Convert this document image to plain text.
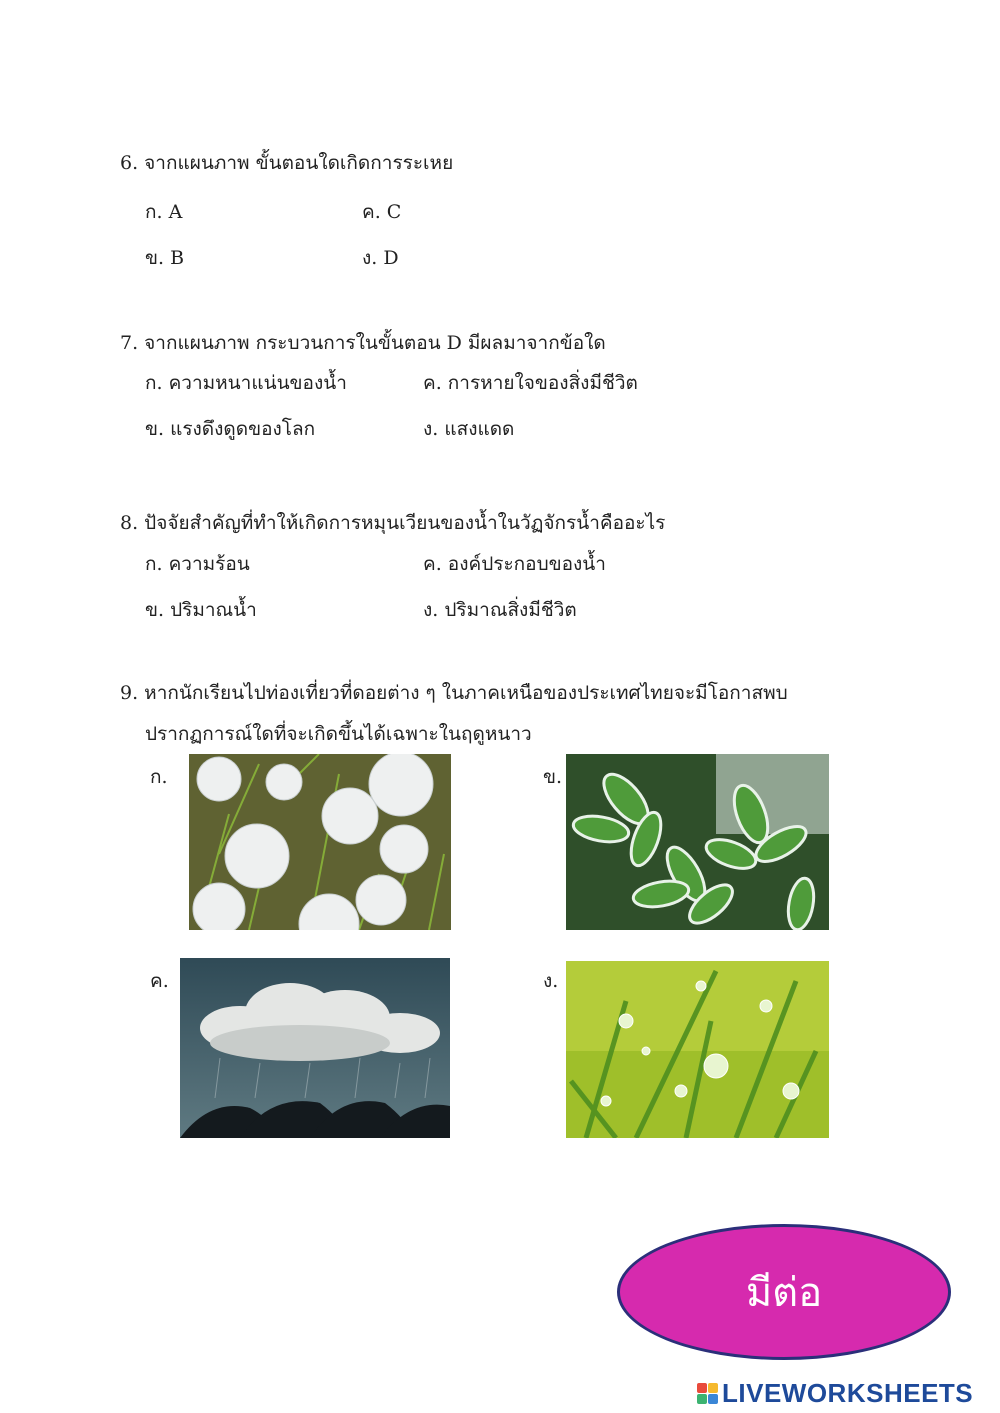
6. จากแผนภาพ ขั้นตอนใดเกิดการระเหย
ก. A	ค. C
ข. B	ง. D
7. จากแผนภาพ กระบวนการในขั้นตอน D มีผลมาจากข้อใด
ก. ความหนาแน่นของน้ำ	ค. การหายใจของสิ่งมีชีวิต
ข. แรงดึงดูดของโลก	ง. แสงแดด
8. ปัจจัยสำคัญที่ทำให้เกิดการหมุนเวียนของน้ำในวัฏจักรน้ำคืออะไร
ก. ความร้อน	ค. องค์ประกอบของน้ำ
ข. ปริมาณน้ำ	ง. ปริมาณสิ่งมีชีวิต
9. หากนักเรียนไปท่องเที่ยวที่ดอยต่าง ๆ ในภาคเหนือของประเทศไทยจะมีโอกาสพบ
ปรากฏการณ์ใดที่จะเกิดขึ้นได้เฉพาะในฤดูหนาว
ก.	ข.
ค.	ง.
มีต่อ
LIVEWORKSHEETS
